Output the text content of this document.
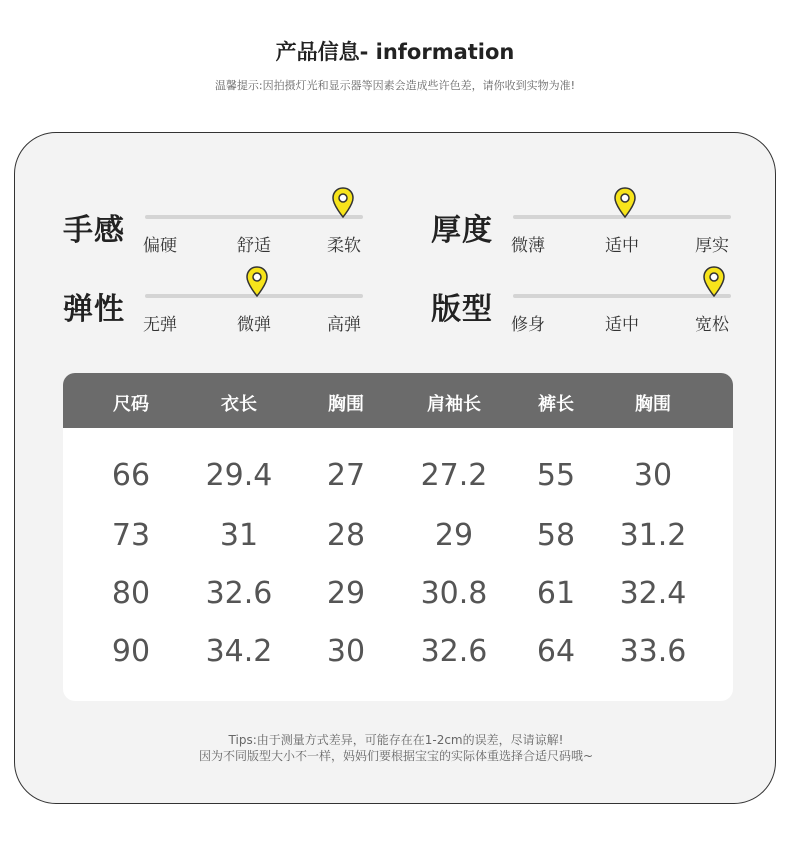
产品信息- information
温馨提示:因拍摄灯光和显示器等因素会造成些许色差，请你收到实物为准!
手感 偏硬	舒适	柔软 厚度 微薄	适中	厚实
弹性 无弹	微弹	高弹 版型 修身	适中	宽松
尺码	衣长	胸围	肩袖长	裤长	胸围
66	29.4	27	27.2	55	30
73	31	28	29	58	31.2
80	32.6	29	30.8	61	32.4
90	34.2	30	32.6	64	33.6
Tips:由于测量方式差异，可能存在在1-2cm的误差，尽请谅解!
因为不同版型大小不一样，妈妈们要根据宝宝的实际体重选择合适尺码哦~
